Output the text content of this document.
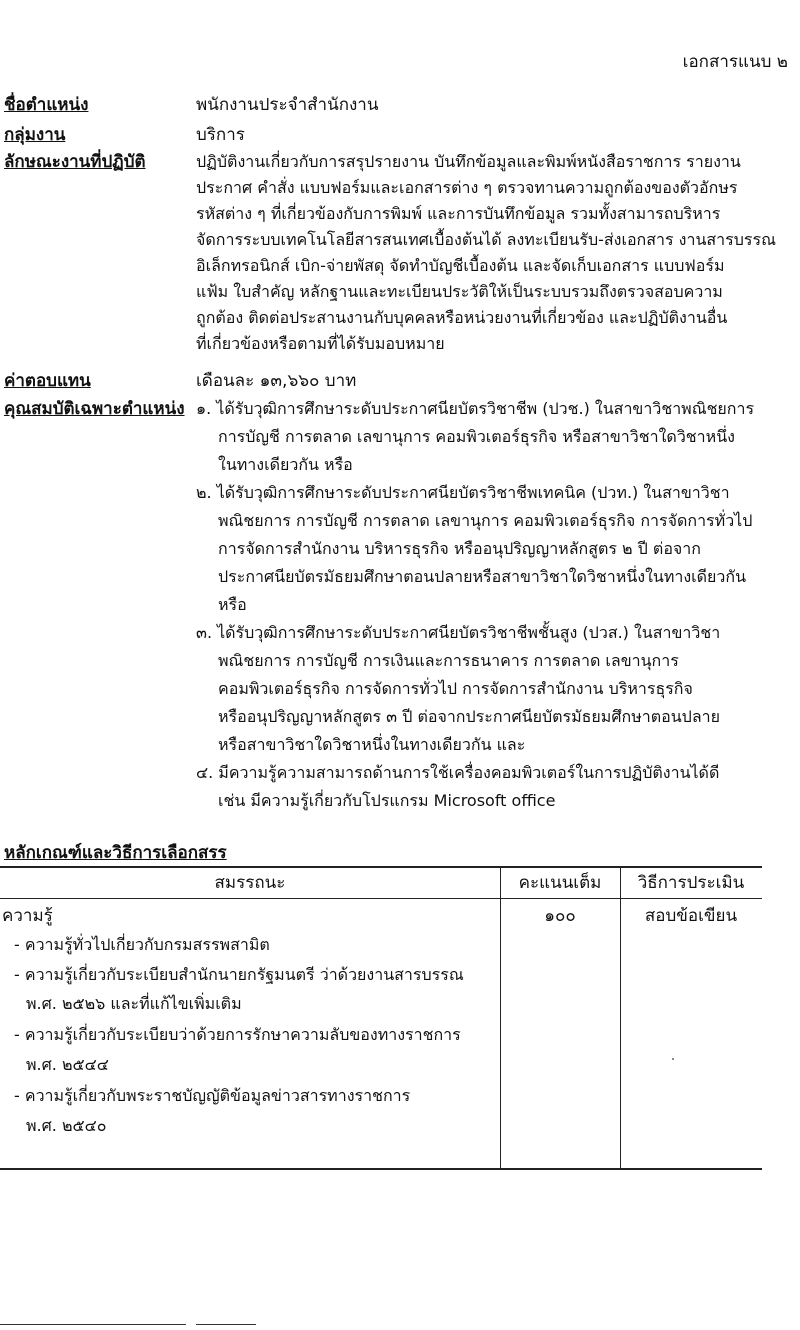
เอกสารแนบ ๒
ชื่อตำแหน่ง	พนักงานประจำสำนักงาน
กลุ่มงาน	บริการ
ลักษณะงานที่ปฏิบัติ	ปฏิบัติงานเกี่ยวกับการสรุปรายงาน บันทึกข้อมูลและพิมพ์หนังสือราชการ รายงาน
ประกาศ คำสั่ง แบบฟอร์มและเอกสารต่าง ๆ ตรวจทานความถูกต้องของตัวอักษร
รหัสต่าง ๆ ที่เกี่ยวข้องกับการพิมพ์ และการบันทึกข้อมูล รวมทั้งสามารถบริหาร
จัดการระบบเทคโนโลยีสารสนเทศเบื้องต้นได้ ลงทะเบียนรับ-ส่งเอกสาร งานสารบรรณ
อิเล็กทรอนิกส์ เบิก-จ่ายพัสดุ จัดทำบัญชีเบื้องต้น และจัดเก็บเอกสาร แบบฟอร์ม
แฟ้ม ใบสำคัญ หลักฐานและทะเบียนประวัติให้เป็นระบบรวมถึงตรวจสอบความ
ถูกต้อง ติดต่อประสานงานกับบุคคลหรือหน่วยงานที่เกี่ยวข้อง และปฏิบัติงานอื่น
ที่เกี่ยวข้องหรือตามที่ได้รับมอบหมาย
ค่าตอบแทน	เดือนละ ๑๓,๖๖๐ บาท
คุณสมบัติเฉพาะตำแหน่ง ๑. ได้รับวุฒิการศึกษาระดับประกาศนียบัตรวิชาชีพ (ปวช.) ในสาขาวิชาพณิชยการ
การบัญชี การตลาด เลขานุการ คอมพิวเตอร์ธุรกิจ หรือสาขาวิชาใดวิชาหนึ่ง
ในทางเดียวกัน หรือ
๒. ได้รับวุฒิการศึกษาระดับประกาศนียบัตรวิชาชีพเทคนิค (ปวท.) ในสาขาวิชา
พณิชยการ การบัญชี การตลาด เลขานุการ คอมพิวเตอร์ธุรกิจ การจัดการทั่วไป
การจัดการสำนักงาน บริหารธุรกิจ หรืออนุปริญญาหลักสูตร ๒ ปี ต่อจาก
ประกาศนียบัตรมัธยมศึกษาตอนปลายหรือสาขาวิชาใดวิชาหนึ่งในทางเดียวกัน
หรือ
๓. ได้รับวุฒิการศึกษาระดับประกาศนียบัตรวิชาชีพชั้นสูง (ปวส.) ในสาขาวิชา
พณิชยการ การบัญชี การเงินและการธนาคาร การตลาด เลขานุการ
คอมพิวเตอร์ธุรกิจ การจัดการทั่วไป การจัดการสำนักงาน บริหารธุรกิจ
หรืออนุปริญญาหลักสูตร ๓ ปี ต่อจากประกาศนียบัตรมัธยมศึกษาตอนปลาย
หรือสาขาวิชาใดวิชาหนึ่งในทางเดียวกัน และ
๔. มีความรู้ความสามารถด้านการใช้เครื่องคอมพิวเตอร์ในการปฏิบัติงานได้ดี
เช่น มีความรู้เกี่ยวกับโปรแกรม Microsoft office
หลักเกณฑ์และวิธีการเลือกสรร
สมรรถนะ	คะแนนเต็ม	วิธีการประเมิน
ความรู้
- ความรู้ทั่วไปเกี่ยวกับกรมสรรพสามิต
- ความรู้เกี่ยวกับระเบียบสำนักนายกรัฐมนตรี ว่าด้วยงานสารบรรณ
พ.ศ. ๒๕๒๖ และที่แก้ไขเพิ่มเติม
- ความรู้เกี่ยวกับระเบียบว่าด้วยการรักษาความลับของทางราชการ
พ.ศ. ๒๕๔๔
- ความรู้เกี่ยวกับพระราชบัญญัติข้อมูลข่าวสารทางราชการ
พ.ศ. ๒๕๔๐
๑๐๐	สอบข้อเขียน
